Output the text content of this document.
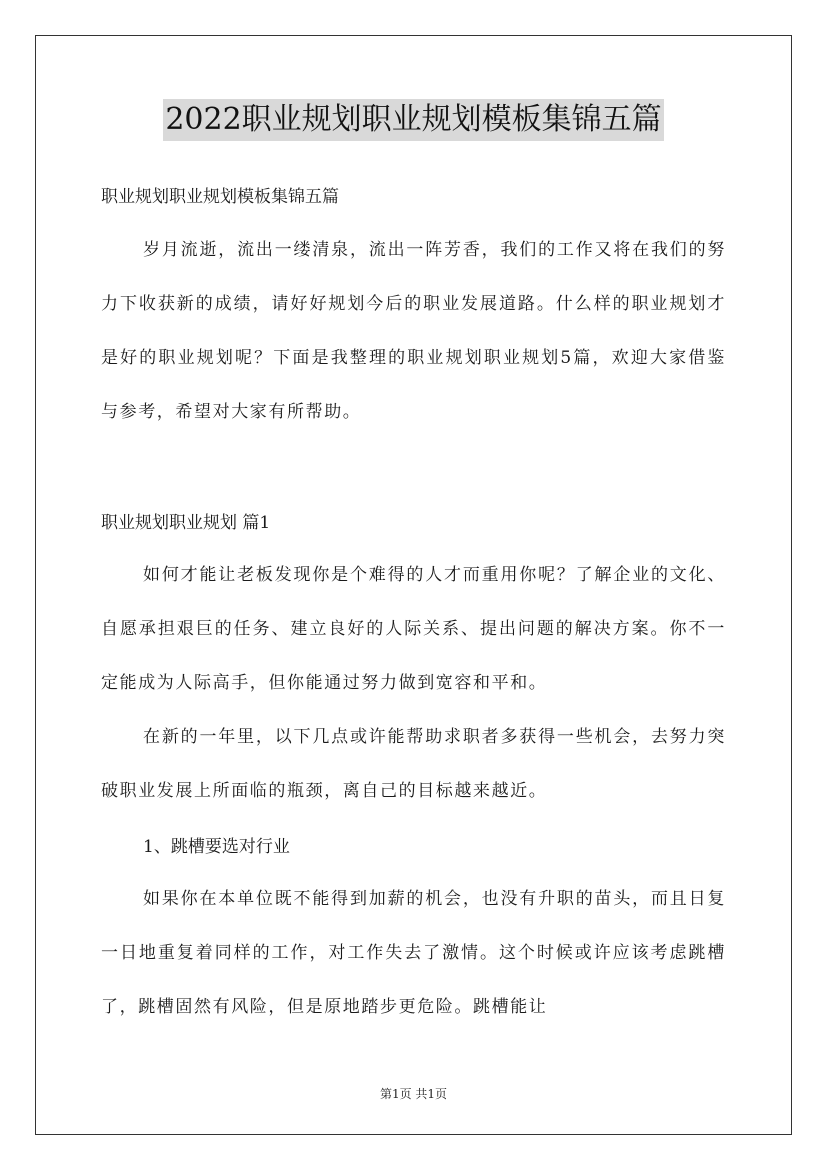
2022职业规划职业规划模板集锦五篇
职业规划职业规划模板集锦五篇
岁月流逝，流出一缕清泉，流出一阵芳香，我们的工作又将在我们的努力下收获新的成绩，请好好规划今后的职业发展道路。什么样的职业规划才是好的职业规划呢？下面是我整理的职业规划职业规划5篇，欢迎大家借鉴与参考，希望对大家有所帮助。
职业规划职业规划 篇1
如何才能让老板发现你是个难得的人才而重用你呢？了解企业的文化、自愿承担艰巨的任务、建立良好的人际关系、提出问题的解决方案。你不一定能成为人际高手，但你能通过努力做到宽容和平和。
在新的一年里，以下几点或许能帮助求职者多获得一些机会，去努力突破职业发展上所面临的瓶颈，离自己的目标越来越近。
1、跳槽要选对行业
如果你在本单位既不能得到加薪的机会，也没有升职的苗头，而且日复一日地重复着同样的工作，对工作失去了激情。这个时候或许应该考虑跳槽了，跳槽固然有风险，但是原地踏步更危险。跳槽能让
第1页 共1页
